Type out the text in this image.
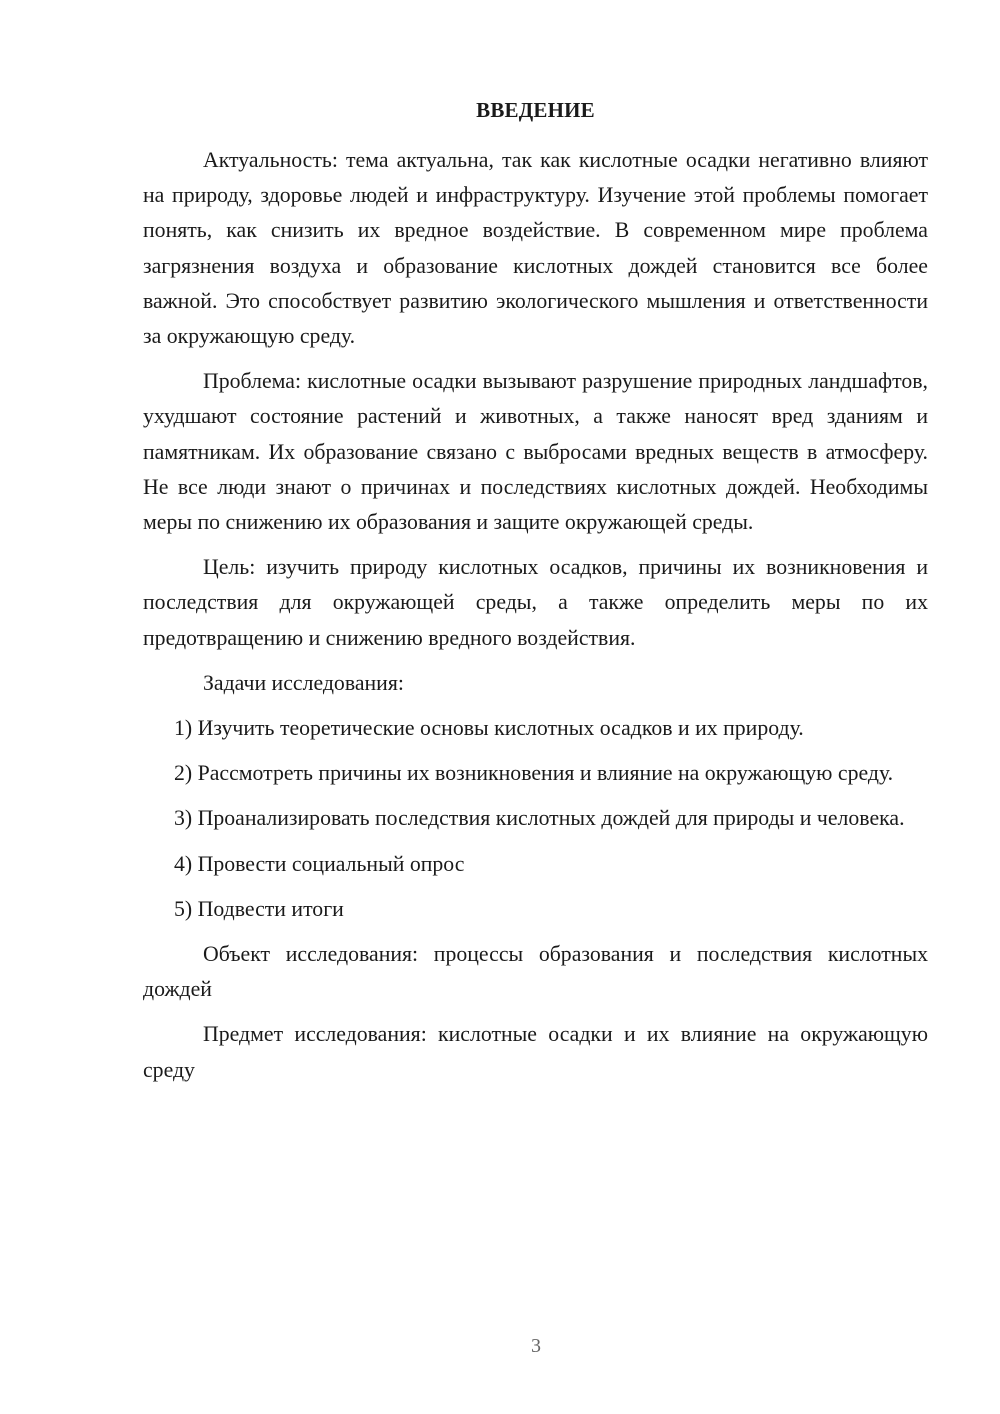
ВВЕДЕНИЕ

Актуальность: тема актуальна, так как кислотные осадки негативно влияют на природу, здоровье людей и инфраструктуру. Изучение этой проблемы помогает понять, как снизить их вредное воздействие. В современном мире проблема загрязнения воздуха и образование кислотных дождей становится все более важной. Это способствует развитию экологического мышления и ответственности за окружающую среду.

Проблема: кислотные осадки вызывают разрушение природных ландшафтов, ухудшают состояние растений и животных, а также наносят вред зданиям и памятникам. Их образование связано с выбросами вредных веществ в атмосферу. Не все люди знают о причинах и последствиях кислотных дождей. Необходимы меры по снижению их образования и защите окружающей среды.

Цель: изучить природу кислотных осадков, причины их возникновения и последствия для окружающей среды, а также определить меры по их предотвращению и снижению вредного воздействия.

Задачи исследования:

1) Изучить теоретические основы кислотных осадков и их природу.

2) Рассмотреть причины их возникновения и влияние на окружающую среду.

3) Проанализировать последствия кислотных дождей для природы и человека.

4) Провести социальный опрос

5) Подвести итоги

Объект исследования: процессы образования и последствия кислотных дождей

Предмет исследования: кислотные осадки и их влияние на окружающую среду

3
